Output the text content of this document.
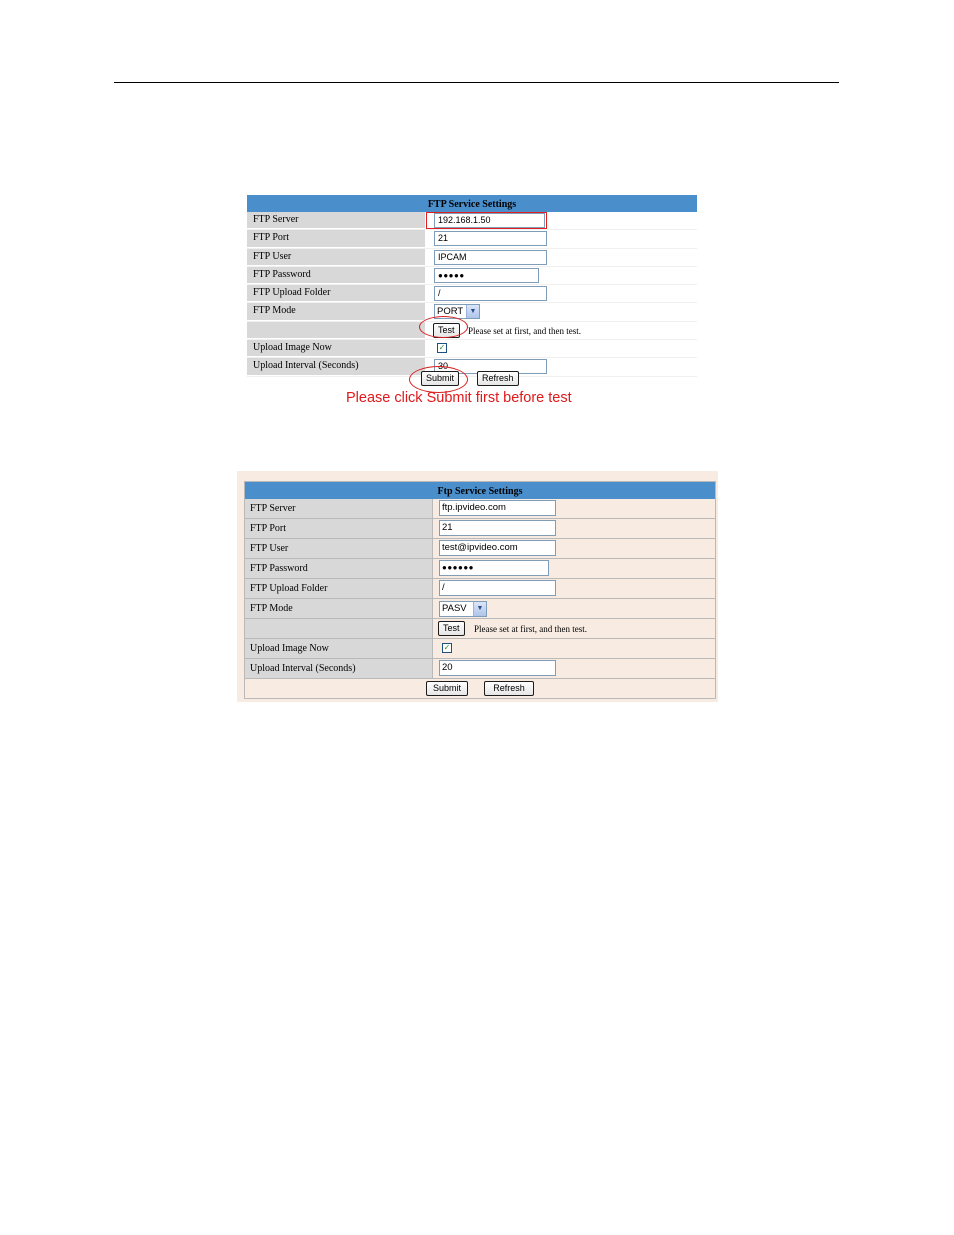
FTP Service Settings
FTP Server	192.168.1.50
FTP Port	21
FTP User	IPCAM
FTP Password	●●●●●
FTP Upload Folder	/
FTP Mode	PORT ▼
Test	Please set at first, and then test.
Upload Image Now	✓
Upload Interval (Seconds)	30
Submit	Refresh
Please click Submit first before test
Ftp Service Settings
FTP Server	ftp.ipvideo.com
FTP Port	21
FTP User	test@ipvideo.com
FTP Password	●●●●●●
FTP Upload Folder	/
FTP Mode	PASV	▼
Test	Please set at first, and then test.
Upload Image Now	✓
Upload Interval (Seconds)	20
Submit	Refresh
